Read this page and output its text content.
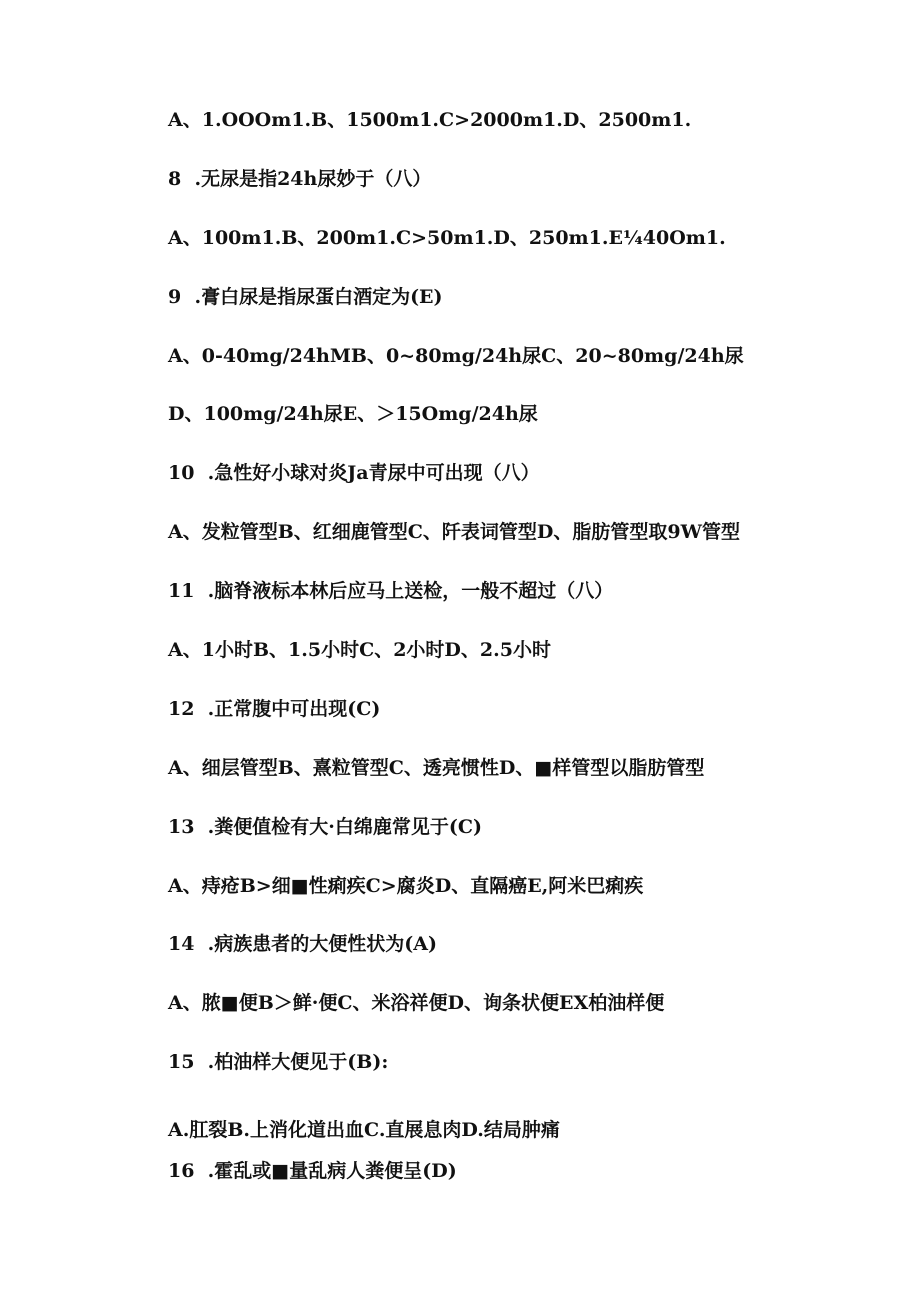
A、1.OOOm1.B、1500m1.C>2000m1.D、2500m1.
8  .无尿是指24h尿妙于（八）
A、100m1.B、200m1.C>50m1.D、250m1.E¼40Om1.
9  .膏白尿是指尿蛋白酒定为(E)
A、0-40mg∕24hMB、0~80mg∕24h尿C、20~80mg∕24h尿
D、100mg∕24h尿E、＞15Omg∕24h尿
10  .急性好小球对炎Ja青尿中可出现（八）
A、发粒管型B、红细鹿管型C、阡表词管型D、脂肪管型取9W管型
11  .脑脊液标本林后应马上送检，一般不超过（八）
A、1小时B、1.5小时C、2小时D、2.5小时
12  .正常腹中可出现(C)
A、细层管型B、熹粒管型C、透亮惯性D、■样管型以脂肪管型
13  .粪便值检有大·白绵鹿常见于(C)
A、痔疮B>细■性痢疾C>腐炎D、直隔癌E,阿米巴痢疾
14  .病族患者的大便性状为(A)
A、脓■便B＞鲜·便C、米浴祥便D、询条状便EX柏油样便
15  .柏油样大便见于(B):
A.肛裂B.上消化道出血C.直展息肉D.结局肿痛
16  .霍乱或■量乱病人粪便呈(D)
